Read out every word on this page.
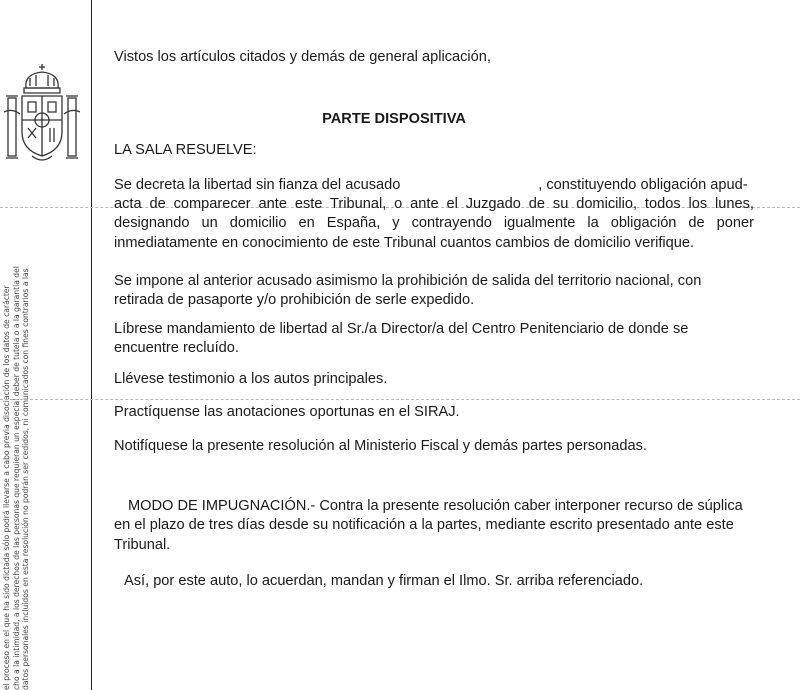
el proceso en el que ha sido dictada sólo podrá llevarse a cabo previa disociación de los datos de carácter cho a la intimidad, a los derechos de las personas que requieran un especial deber de tutela o a la garantía del datos personales incluidos en esta resolución no podrán ser cedidos, ni comunicados con fines contrarios a las

Vistos los artículos citados y demás de general aplicación,

PARTE DISPOSITIVA

LA SALA RESUELVE:

Se decreta la libertad sin fianza del acusado                                  , constituyendo obligación apud-

acta de comparecer ante este Tribunal, o ante el Juzgado de su domicilio, todos los lunes, designando un domicilio en España, y contrayendo igualmente la obligación de poner inmediatamente en conocimiento de este Tribunal cuantos cambios de domicilio verifique.

Se impone al anterior acusado asimismo la prohibición de salida del territorio nacional, con retirada de pasaporte y/o prohibición de serle expedido.

Líbrese mandamiento de libertad al Sr./a Director/a del Centro Penitenciario de donde se encuentre recluído.

Llévese testimonio a los autos principales.

Practíquense las anotaciones oportunas en el SIRAJ.

Notifíquese la presente resolución al Ministerio Fiscal y demás partes personadas.

MODO DE IMPUGNACIÓN.- Contra la presente resolución caber interponer recurso de súplica en el plazo de tres días desde su notificación a la partes, mediante escrito presentado ante este Tribunal.

Así, por este auto, lo acuerdan, mandan y firman el Ilmo. Sr. arriba referenciado.
